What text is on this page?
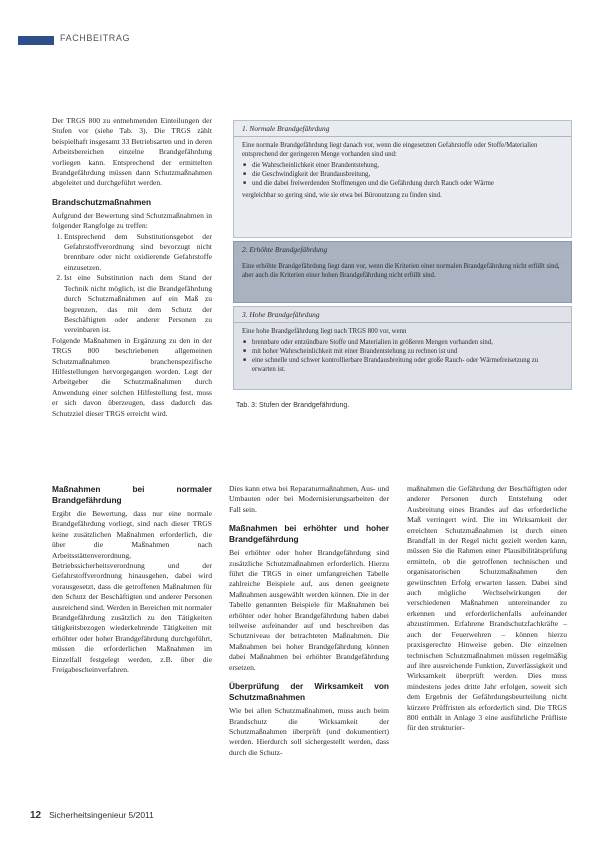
FACHBEITRAG

Der TRGS 800 zu entnehmenden Einteilungen der Stufen vor (siehe Tab. 3). Die TRGS zählt beispielhaft insgesamt 33 Betriebsarten und in deren Arbeitsbereichen einzelne Brandgefährdung vorliegen kann. Entsprechend der ermittelten Brandgefährdung müssen dann Schutzmaßnahmen abgeleitet und durchgeführt werden.

Brandschutzmaßnahmen

Aufgrund der Bewertung sind Schutzmaßnahmen in folgender Rangfolge zu treffen:

1. Entsprechend dem Substitutionsgebot der Gefahrstoffverordnung sind bevorzugt nicht brennbare oder nicht oxidierende Gefahrstoffe einzusetzen.
2. Ist eine Substitution nach dem Stand der Technik nicht möglich, ist die Brandgefährdung durch Schutzmaßnahmen auf ein Maß zu begrenzen, das mit dem Schutz der Beschäftigten oder anderer Personen zu vereinbaren ist.

Folgende Maßnahmen in Ergänzung zu den in der TRGS 800 beschriebenen allgemeinen Schutzmaßnahmen branchenspezifische Hilfestellungen hervorgegangen worden. Legt der Arbeitgeber die Schutzmaßnahmen durch Anwendung einer solchen Hilfestellung fest, muss er sich davon überzeugen, dass dadurch das Schutzziel dieser TRGS erreicht wird.

1. Normale Brandgefährdung

Eine normale Brandgefährdung liegt danach vor, wenn die eingesetzten Gefahrstoffe oder Stoffe/Materialien entsprechend der geringeren Menge vorhanden sind und:

■ die Wahrscheinlichkeit einer Brandentstehung,
■ die Geschwindigkeit der Brandausbreitung,
■ und die dabei freiwerdenden Stoffmengen und die Gefährdung durch Rauch oder Wärme

vergleichbar so gering sind, wie sie etwa bei Büronutzung zu finden sind.

2. Erhöhte Brandgefährdung

Eine erhöhte Brandgefährdung liegt dann vor, wenn die Kriterien einer normalen Brandgefährdung nicht erfüllt sind, aber auch die Kriterien einer hohen Brandgefährdung nicht erfüllt sind.

3. Hohe Brandgefährdung

Eine hohe Brandgefährdung liegt nach TRGS 800 vor, wenn

■ brennbare oder entzündbare Stoffe und Materialien in größeren Mengen vorhanden sind,
■ mit hoher Wahrscheinlichkeit mit einer Brandentstehung zu rechnen ist und
■ eine schnelle und schwer kontrollierbare Brandausbreitung oder große Rauch- oder Wärmefreisetzung zu erwarten ist.
Tab. 3: Stufen der Brandgefährdung.
Maßnahmen bei normaler Brandgefährdung

Ergibt die Bewertung, dass nur eine normale Brandgefährdung vorliegt, sind nach dieser TRGS keine zusätzlichen Maßnahmen erforderlich, die über die Maßnahmen nach Arbeitsstättenverordnung, Betriebssicherheitsverordnung und der Gefahrstoffverordnung hinausgehen, dabei wird vorausgesetzt, dass die getroffenen Maßnahmen für den Schutz der Beschäftigten und anderer Personen ausreichend sind. Werden in Bereichen mit normaler Brandgefährdung zusätzlich zu den Tätigkeiten tätigkeitsbezogen wiederkehrende Tätigkeiten mit erhöhter oder hoher Brandgefährdung durchgeführt, müssen die erforderlichen Maßnahmen im Einzelfall festgelegt werden, z.B. über die Freigabescheinverfahren.

Dies kann etwa bei Reparaturmaßnahmen, Aus- und Umbauten oder bei Modernisierungsarbeiten der Fall sein.

Maßnahmen bei erhöhter und hoher Brandgefährdung

Bei erhöhter oder hoher Brandgefährdung sind zusätzliche Schutzmaßnahmen erforderlich. Hierzu führt die TRGS in einer umfangreichen Tabelle zahlreiche Beispiele auf, aus denen geeignete Maßnahmen ausgewählt werden können. Die in der Tabelle genannten Beispiele für Maßnahmen bei erhöhter oder hoher Brandgefährdung haben dabei teilweise aufeinander auf und beschreiben das Schutzniveau der betrachteten Maßnahmen. Die Maßnahmen bei hoher Brandgefährdung können dabei Maßnahmen bei erhöhter Brandgefährdung ersetzen.

Überprüfung der Wirksamkeit von Schutzmaßnahmen

Wie bei allen Schutzmaßnahmen, muss auch beim Brandschutz die Wirksamkeit der Schutzmaßnahmen überprüft (und dokumentiert) werden. Hierdurch soll sichergestellt werden, dass durch die Schutz-

maßnahmen die Gefährdung der Beschäftigten oder anderer Personen durch Entstehung oder Ausbreitung eines Brandes auf das erforderliche Maß verringert wird. Die im Wirksamkeit der erreichten Schutzmaßnahmen ist durch einen Brandfall in der Regel nicht gezielt werden kann, müssen Sie die Rahmen einer Plausibilitätsprüfung ermitteln, ob die getroffenen technischen und organisatorischen Schutzmaßnahmen den gewünschten Erfolg erwarten lassen. Dabei sind auch mögliche Wechselwirkungen der verschiedenen Maßnahmen untereinander zu erkennen und erforderlichenfalls aufeinander abzustimmen. Erfahrene Brandschutzfachkräfte – auch der Feuerwehren – können hierzu praxisgerechte Hinweise geben. Die einzelnen technischen Schutzmaßnahmen müssen regelmäßig auf ihre ausreichende Funktion, Zuverlässigkeit und Wirksamkeit überprüft werden. Dies muss mindestens jedes dritte Jahr erfolgen, soweit sich dem Ergebnis der Gefährdungsbeurteilung nicht kürzere Prüffristen als erforderlich sind. Die TRGS 800 enthält in Anlage 3 eine ausführliche Prüfliste für den strukturier-

12 Sicherheitsingenieur 5/2011
